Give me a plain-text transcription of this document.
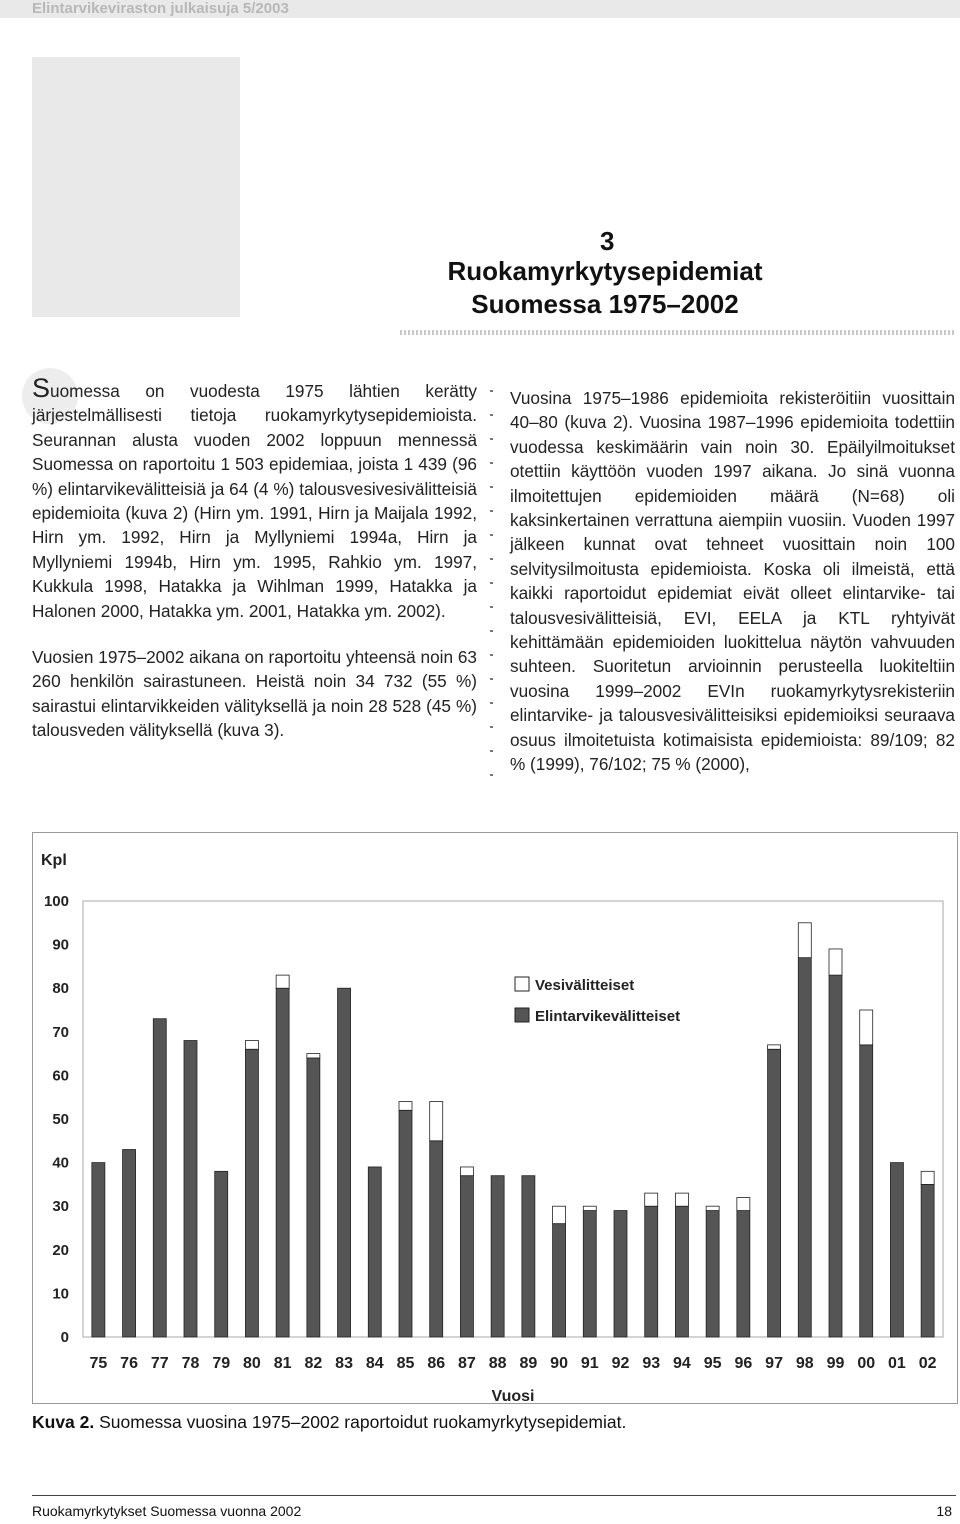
Elintarvikeviraston julkaisuja 5/2003
3
Ruokamyrkytysepidemiat
Suomessa 1975–2002

Suomessa on vuodesta 1975 lähtien kerätty järjestelmällisesti tietoja ruokamyrkytysepidemioista. Seurannan alusta vuoden 2002 loppuun mennessä Suomessa on raportoitu 1 503 epidemiaa, joista 1 439 (96 %) elintarvikevälitteisiä ja 64 (4 %) talousvesivesivälitteisiä epidemioita (kuva 2) (Hirn ym. 1991, Hirn ja Maijala 1992, Hirn ym. 1992, Hirn ja Myllyniemi 1994a, Hirn ja Myllyniemi 1994b, Hirn ym. 1995, Rahkio ym. 1997, Kukkula 1998, Hatakka ja Wihlman 1999, Hatakka ja Halonen 2000, Hatakka ym. 2001, Hatakka ym. 2002).

Vuosien 1975–2002 aikana on raportoitu yhteensä noin 63 260 henkilön sairastuneen. Heistä noin 34 732 (55 %) sairastui elintarvikkeiden välityksellä ja noin 28 528 (45 %) talousveden välityksellä (kuva 3).

Vuosina 1975–1986 epidemioita rekisteröitiin vuosittain 40–80 (kuva 2). Vuosina 1987–1996 epidemioita todettiin vuodessa keskimäärin vain noin 30. Epäilyilmoitukset otettiin käyttöön vuoden 1997 aikana. Jo sinä vuonna ilmoitettujen epidemioiden määrä (N=68) oli kaksinkertainen verrattuna aiempiin vuosiin. Vuoden 1997 jälkeen kunnat ovat tehneet vuosittain noin 100 selvitysilmoitusta epidemioista. Koska oli ilmeistä, että kaikki raportoidut epidemiat eivät olleet elintarvike- tai talousvesivälitteisiä, EVI, EELA ja KTL ryhtyivät kehittämään epidemioiden luokittelua näytön vahvuuden suhteen. Suoritetun arvioinnin perusteella luokiteltiin vuosina 1999–2002 EVIn ruokamyrkytysrekisteriin elintarvike- ja talousvesivälitteisiksi epidemioiksi seuraava osuus ilmoitetuista kotimaisista epidemioista: 89/109; 82 % (1999), 76/102; 75 % (2000),

Kpl
0
10
20
30
40
50
60
70
80
90
100
75 76 77 78 79 80 81 82 83 84 85 86 87 88 89 90 91 92 93 94 95 96 97 98 99 00 01 02
Vuosi
Vesivälitteiset
Elintarvikevälitteiset
Kuva 2. Suomessa vuosina 1975–2002 raportoidut ruokamyrkytysepidemiat.
Ruokamyrkytykset Suomessa vuonna 2002	18
